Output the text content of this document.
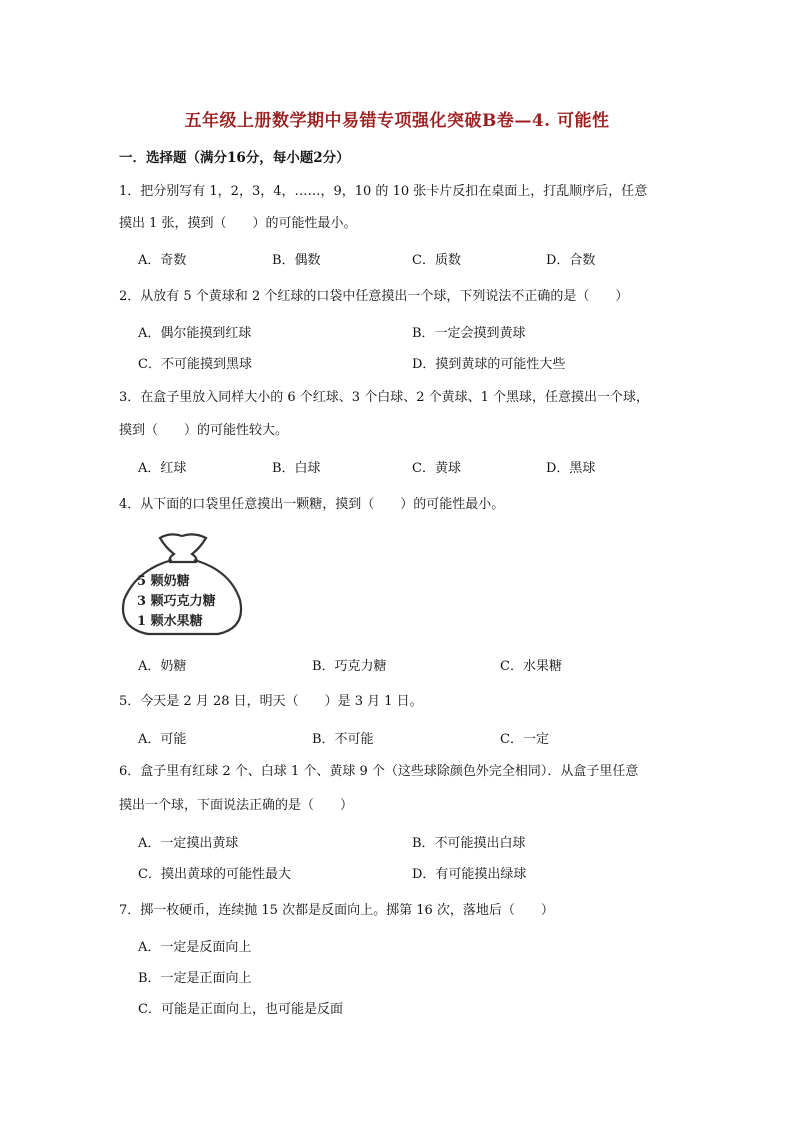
五年级上册数学期中易错专项强化突破B卷—4. 可能性
一．选择题（满分16分，每小题2分）
1．把分别写有 1，2，3，4，……，9，10 的 10 张卡片反扣在桌面上，打乱顺序后，任意
摸出 1 张，摸到（　　）的可能性最小。
A．奇数	B．偶数	C．质数	D．合数
2．从放有 5 个黄球和 2 个红球的口袋中任意摸出一个球，下列说法不正确的是（　　）
A．偶尔能摸到红球	B．一定会摸到黄球
C．不可能摸到黑球	D．摸到黄球的可能性大些
3．在盒子里放入同样大小的 6 个红球、3 个白球、2 个黄球、1 个黑球，任意摸出一个球，
摸到（　　）的可能性较大。
A．红球	B．白球	C．黄球	D．黑球
4．从下面的口袋里任意摸出一颗糖，摸到（　　）的可能性最小。
5 颗奶糖
3 颗巧克力糖
1 颗水果糖
A．奶糖	B．巧克力糖	C．水果糖
5．今天是 2 月 28 日，明天（　　）是 3 月 1 日。
A．可能	B．不可能	C．一定
6．盒子里有红球 2 个、白球 1 个、黄球 9 个（这些球除颜色外完全相同）．从盒子里任意
摸出一个球，下面说法正确的是（　　）
A．一定摸出黄球	B．不可能摸出白球
C．摸出黄球的可能性最大	D．有可能摸出绿球
7．掷一枚硬币，连续抛 15 次都是反面向上。掷第 16 次，落地后（　　）
A．一定是反面向上
B．一定是正面向上
C．可能是正面向上，也可能是反面
